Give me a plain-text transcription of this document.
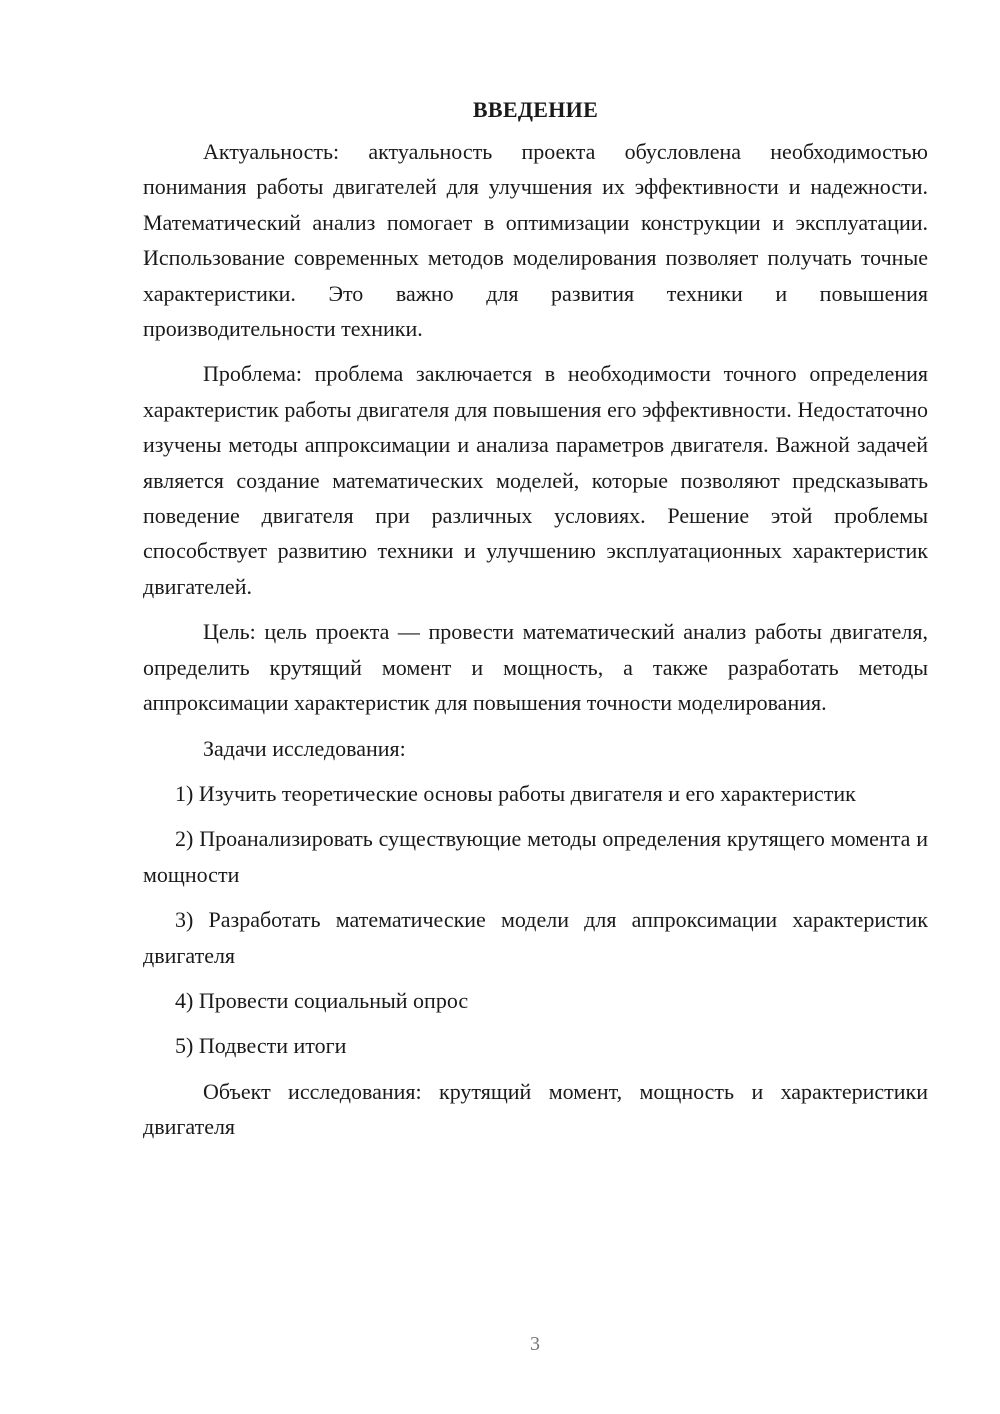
ВВЕДЕНИЕ

Актуальность: актуальность проекта обусловлена необходимостью понимания работы двигателей для улучшения их эффективности и надежности. Математический анализ помогает в оптимизации конструкции и эксплуатации. Использование современных методов моделирования позволяет получать точные характеристики. Это важно для развития техники и повышения производительности техники.

Проблема: проблема заключается в необходимости точного определения характеристик работы двигателя для повышения его эффективности. Недостаточно изучены методы аппроксимации и анализа параметров двигателя. Важной задачей является создание математических моделей, которые позволяют предсказывать поведение двигателя при различных условиях. Решение этой проблемы способствует развитию техники и улучшению эксплуатационных характеристик двигателей.

Цель: цель проекта — провести математический анализ работы двигателя, определить крутящий момент и мощность, а также разработать методы аппроксимации характеристик для повышения точности моделирования.

Задачи исследования:

1) Изучить теоретические основы работы двигателя и его характеристик

2) Проанализировать существующие методы определения крутящего момента и мощности

3) Разработать математические модели для аппроксимации характеристик двигателя

4) Провести социальный опрос

5) Подвести итоги

Объект исследования: крутящий момент, мощность и характеристики двигателя

3
